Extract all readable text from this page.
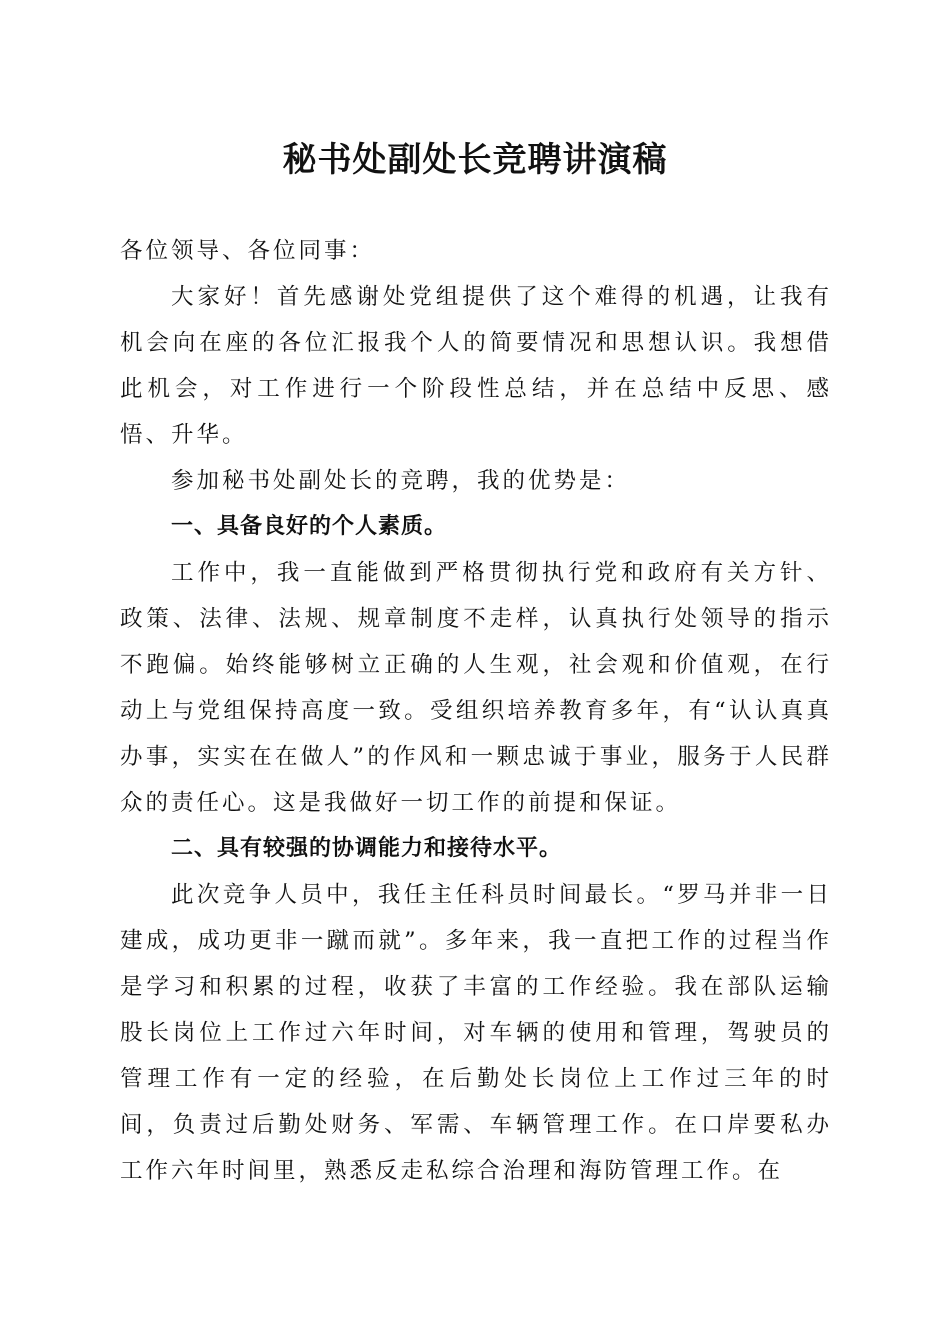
秘书处副处长竞聘讲演稿

各位领导、各位同事：

大家好！首先感谢处党组提供了这个难得的机遇，让我有机会向在座的各位汇报我个人的简要情况和思想认识。我想借此机会，对工作进行一个阶段性总结，并在总结中反思、感悟、升华。

参加秘书处副处长的竞聘，我的优势是：

一、具备良好的个人素质。

工作中，我一直能做到严格贯彻执行党和政府有关方针、政策、法律、法规、规章制度不走样，认真执行处领导的指示不跑偏。始终能够树立正确的人生观，社会观和价值观，在行动上与党组保持高度一致。受组织培养教育多年，有“认认真真办事，实实在在做人”的作风和一颗忠诚于事业，服务于人民群众的责任心。这是我做好一切工作的前提和保证。

二、具有较强的协调能力和接待水平。

此次竞争人员中，我任主任科员时间最长。“罗马并非一日建成，成功更非一蹴而就”。多年来，我一直把工作的过程当作是学习和积累的过程，收获了丰富的工作经验。我在部队运输股长岗位上工作过六年时间，对车辆的使用和管理，驾驶员的管理工作有一定的经验，在后勤处长岗位上工作过三年的时间，负责过后勤处财务、军需、车辆管理工作。在口岸要私办工作六年时间里，熟悉反走私综合治理和海防管理工作。在
